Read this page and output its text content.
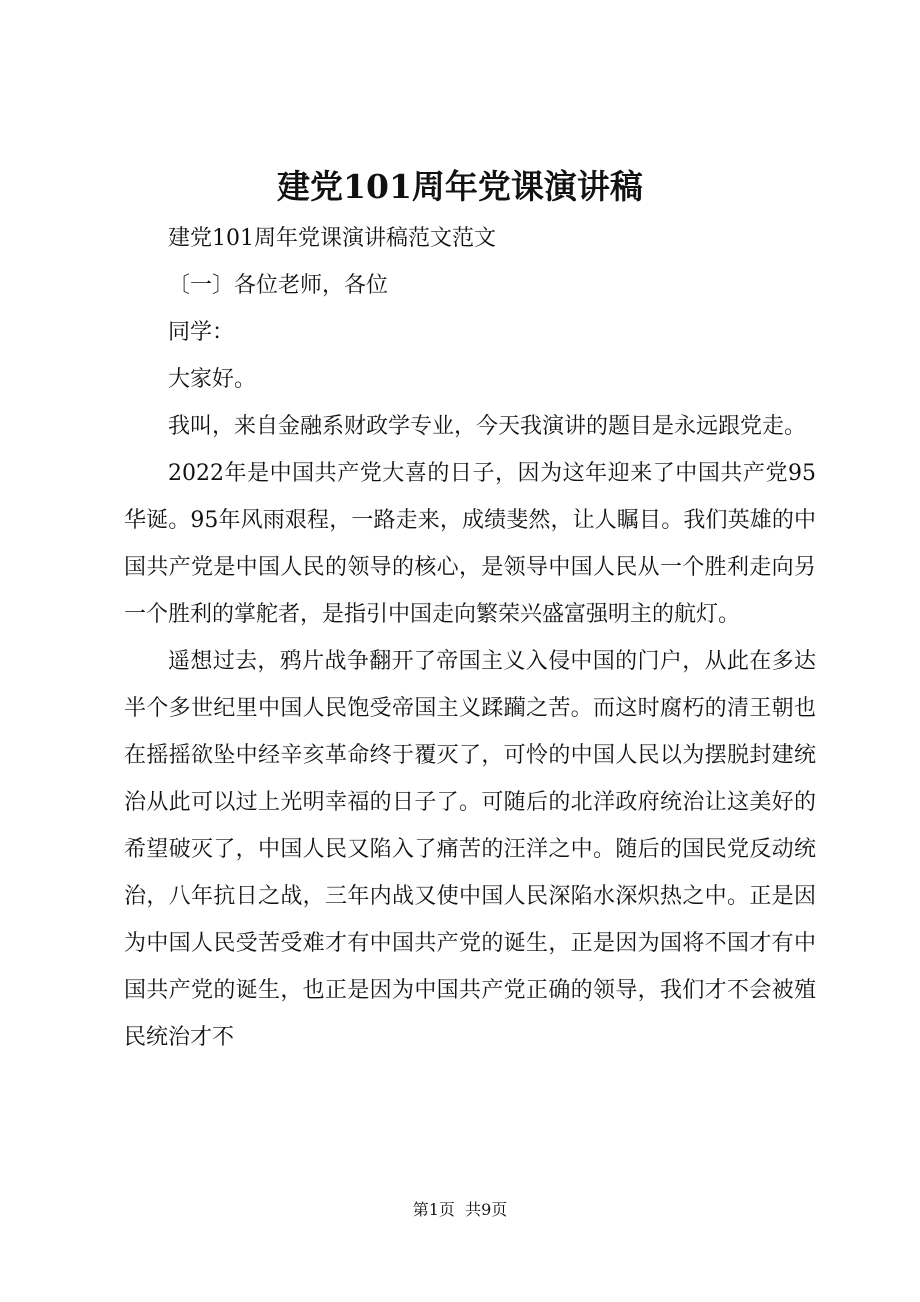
建党101周年党课演讲稿

建党101周年党课演讲稿范文范文

〔一〕各位老师，各位

同学：

大家好。

我叫，来自金融系财政学专业，今天我演讲的题目是永远跟党走。

2022年是中国共产党大喜的日子，因为这年迎来了中国共产党95华诞。95年风雨艰程，一路走来，成绩斐然，让人瞩目。我们英雄的中国共产党是中国人民的领导的核心，是领导中国人民从一个胜利走向另一个胜利的掌舵者，是指引中国走向繁荣兴盛富强明主的航灯。

遥想过去，鸦片战争翻开了帝国主义入侵中国的门户，从此在多达半个多世纪里中国人民饱受帝国主义蹂躏之苦。而这时腐朽的清王朝也在摇摇欲坠中经辛亥革命终于覆灭了，可怜的中国人民以为摆脱封建统治从此可以过上光明幸福的日子了。可随后的北洋政府统治让这美好的希望破灭了，中国人民又陷入了痛苦的汪洋之中。随后的国民党反动统治，八年抗日之战，三年内战又使中国人民深陷水深炽热之中。正是因为中国人民受苦受难才有中国共产党的诞生，正是因为国将不国才有中国共产党的诞生，也正是因为中国共产党正确的领导，我们才不会被殖民统治才不

第1页 共9页
